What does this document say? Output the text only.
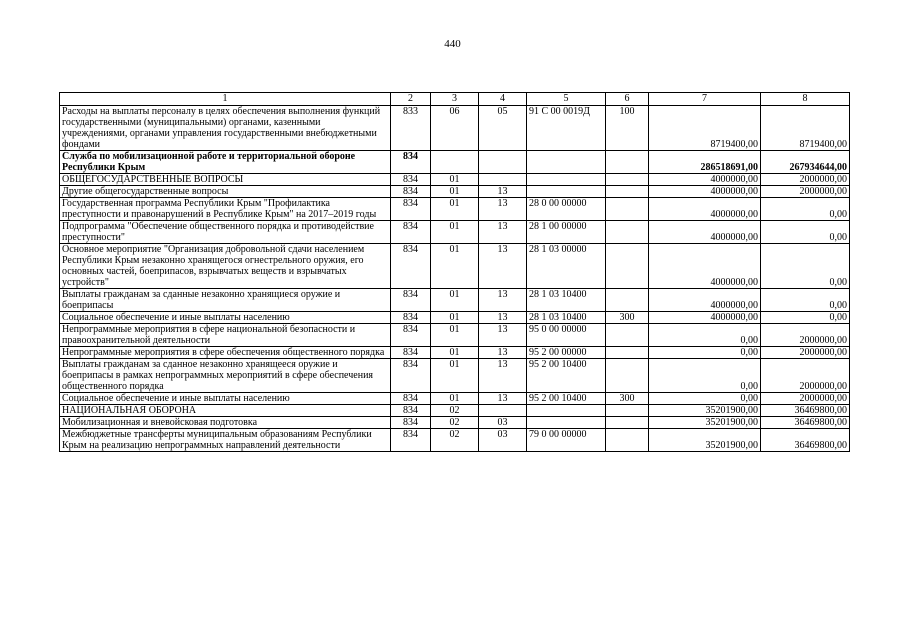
440
1	2	3	4	5	6	7	8
Расходы на выплаты персоналу в целях обеспечения выполнения функций государственными (муниципальными) органами, казенными учреждениями, органами управления государственными внебюджетными фондами	833	06	05	91 С 00 0019Д	100	8719400,00	8719400,00
Служба по мобилизационной работе и территориальной обороне Республики Крым	834					286518691,00	267934644,00
ОБЩЕГОСУДАРСТВЕННЫЕ ВОПРОСЫ	834	01				4000000,00	2000000,00
Другие общегосударственные вопросы	834	01	13			4000000,00	2000000,00
Государственная программа Республики Крым "Профилактика преступности и правонарушений в Республике Крым" на 2017–2019 годы	834	01	13	28 0 00 00000		4000000,00	0,00
Подпрограмма "Обеспечение общественного порядка и противодействие преступности"	834	01	13	28 1 00 00000		4000000,00	0,00
Основное мероприятие "Организация добровольной сдачи населением Республики Крым незаконно хранящегося огнестрельного оружия, его основных частей, боеприпасов, взрывчатых веществ и взрывчатых устройств"	834	01	13	28 1 03 00000		4000000,00	0,00
Выплаты гражданам за сданные незаконно хранящиеся оружие и боеприпасы	834	01	13	28 1 03 10400		4000000,00	0,00
Социальное обеспечение и иные выплаты населению	834	01	13	28 1 03 10400	300	4000000,00	0,00
Непрограммные мероприятия в сфере национальной безопасности и правоохранительной деятельности	834	01	13	95 0 00 00000		0,00	2000000,00
Непрограммные мероприятия в сфере обеспечения общественного порядка	834	01	13	95 2 00 00000		0,00	2000000,00
Выплаты гражданам за сданное незаконно хранящееся оружие и боеприпасы в рамках непрограммных мероприятий в сфере обеспечения общественного порядка	834	01	13	95 2 00 10400		0,00	2000000,00
Социальное обеспечение и иные выплаты населению	834	01	13	95 2 00 10400	300	0,00	2000000,00
НАЦИОНАЛЬНАЯ ОБОРОНА	834	02				35201900,00	36469800,00
Мобилизационная и вневойсковая подготовка	834	02	03			35201900,00	36469800,00
Межбюджетные трансферты муниципальным образованиям Республики Крым на реализацию непрограммных направлений деятельности	834	02	03	79 0 00 00000		35201900,00	36469800,00
